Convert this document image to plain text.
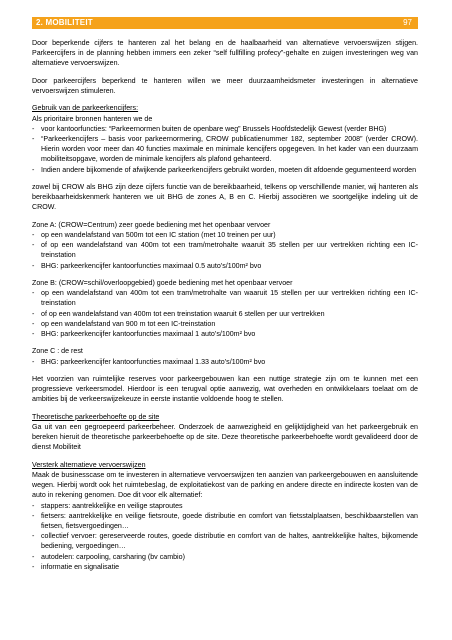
2. MOBILITEIT	97

Door beperkende cijfers te hanteren zal het belang en de haalbaarheid van alternatieve vervoerswijzen stijgen. Parkeercijfers in de planning hebben immers een zeker “self fullfilling profecy”-gehalte en zuigen investeringen weg van alternatieve vervoerswijzen.

Door parkeercijfers beperkend te hanteren willen we meer duurzaamheidsmeter investeringen in alternatieve vervoerswijzen stimuleren.

Gebruik van de parkeerkencijfers:
Als prioritaire bronnen hanteren we de
- voor kantoorfuncties: “Parkeernormen buiten de openbare weg” Brussels Hoofdstedelijk Gewest (verder BHG)
- “Parkeerkencijfers – basis voor parkeernormering, CROW publicatienummer 182, september 2008” (verder CROW). Hierin worden voor meer dan 40 functies maximale en minimale kencijfers opgegeven. In het kader van een duurzaam mobiliteitsopgave, worden de minimale kencijfers als plafond gehanteerd.
- Indien andere bijkomende of afwijkende parkeerkencijfers gebruikt worden, moeten dit afdoende gegumenteerd worden

zowel bij CROW als BHG zijn deze cijfers functie van de bereikbaarheid, telkens op verschillende manier, wij hanteren als bereikbaarheidskenmerk hanteren we uit BHG de zones A, B en C. Hierbij associëren we soortgelijke indeling uit de CROW.

Zone A: (CROW=Centrum) zeer goede bediening met het openbaar vervoer
- op een wandelafstand van 500m tot een IC station (met 10 treinen per uur)
- of op een wandelafstand van 400m tot een tram/metrohalte waaruit 35 stellen per uur vertrekken richting een IC-treinstation
- BHG: parkeerkencijfer kantoorfuncties maximaal 0.5 auto’s/100m² bvo
Zone B: (CROW=schil/overloopgebied) goede bediening met het openbaar vervoer
- op een wandelafstand van 400m tot een tram/metrohalte van waaruit 15 stellen per uur vertrekken richting een IC-treinstation
- of op een wandelafstand van 400m tot een treinstation waaruit 6 stellen per uur vertrekken
- op een wandelafstand van 900 m tot een IC-treinstation
- BHG: parkeerkencijfer kantoorfuncties maximaal 1 auto’s/100m² bvo
Zone C : de rest
- BHG: parkeerkencijfer kantoorfuncties maximaal 1.33 auto’s/100m² bvo

Het voorzien van ruimtelijke reserves voor parkeergebouwen kan een nuttige strategie zijn om te kunnen met een progressieve verkeersmodel. Hierdoor is een terugval optie aanwezig, wat overheden en ontwikkelaars toelaat om de ambities bij de verkeerswijzekeuze in eerste instantie voldoende hoog te stellen.

Theoretische parkeerbehoefte op de site
Ga uit van een gegroepeerd parkeerbeheer. Onderzoek de aanwezigheid en gelijktijdigheid van het parkeergebruik en bereken hieruit de theoretische parkeerbehoefte op de site. Deze theoretische parkeerbehoefte wordt gevalideerd door de dienst Mobiliteit
Versterk alternatieve vervoerswijzen
Maak de businesscase om te investeren in alternatieve vervoerswijzen ten aanzien van parkeergebouwen en aansluitende wegen. Hierbij wordt ook het ruimtebeslag, de exploitatiekost van de parking en andere directe en indirecte kosten van de auto in rekening genomen. Doe dit voor elk alternatief:
- stappers: aantrekkelijke en veilige staproutes
- fietsers: aantrekkelijke en veilige fietsroute, goede distributie en comfort van fietsstalplaatsen, beschikbaarstellen van fietsen, fietsvergoedingen…
- collectief vervoer: gereserveerde routes, goede distributie en comfort van de haltes, aantrekkelijke haltes, bijkomende bediening, vergoedingen…
- autodelen: carpooling, carsharing (bv cambio)
- informatie en signalisatie
